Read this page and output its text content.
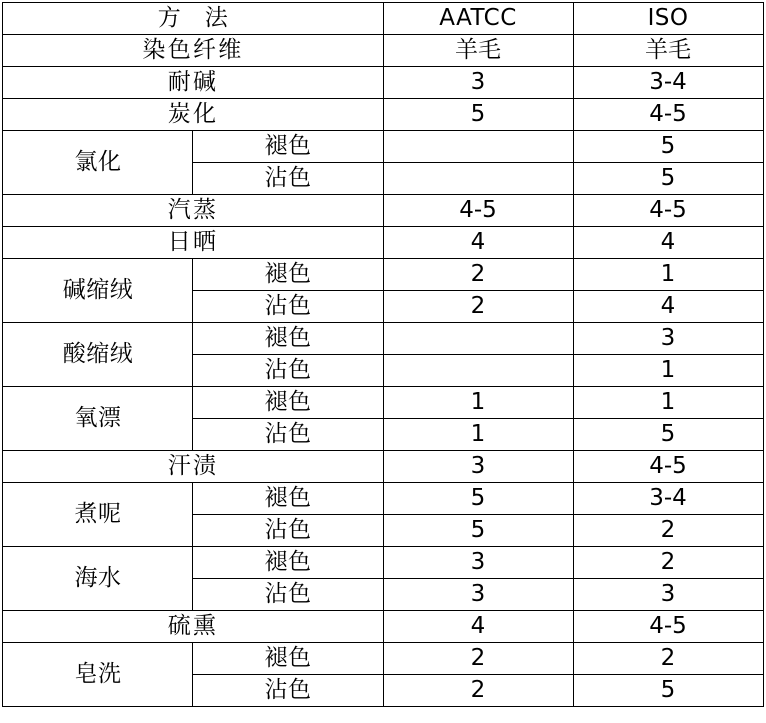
方　法		AATCC	ISO
染色纤维		羊毛	羊毛
耐碱		3	3-4
炭化		5	4-5
氯化	褪色		5
	沾色		5
汽蒸		4-5	4-5
日晒		4	4
碱缩绒	褪色	2	1
	沾色	2	4
酸缩绒	褪色		3
	沾色		1
氧漂	褪色	1	1
	沾色	1	5
汗渍		3	4-5
煮呢	褪色	5	3-4
	沾色	5	2
海水	褪色	3	2
	沾色	3	3
硫熏		4	4-5
皂洗	褪色	2	2
	沾色	2	5
